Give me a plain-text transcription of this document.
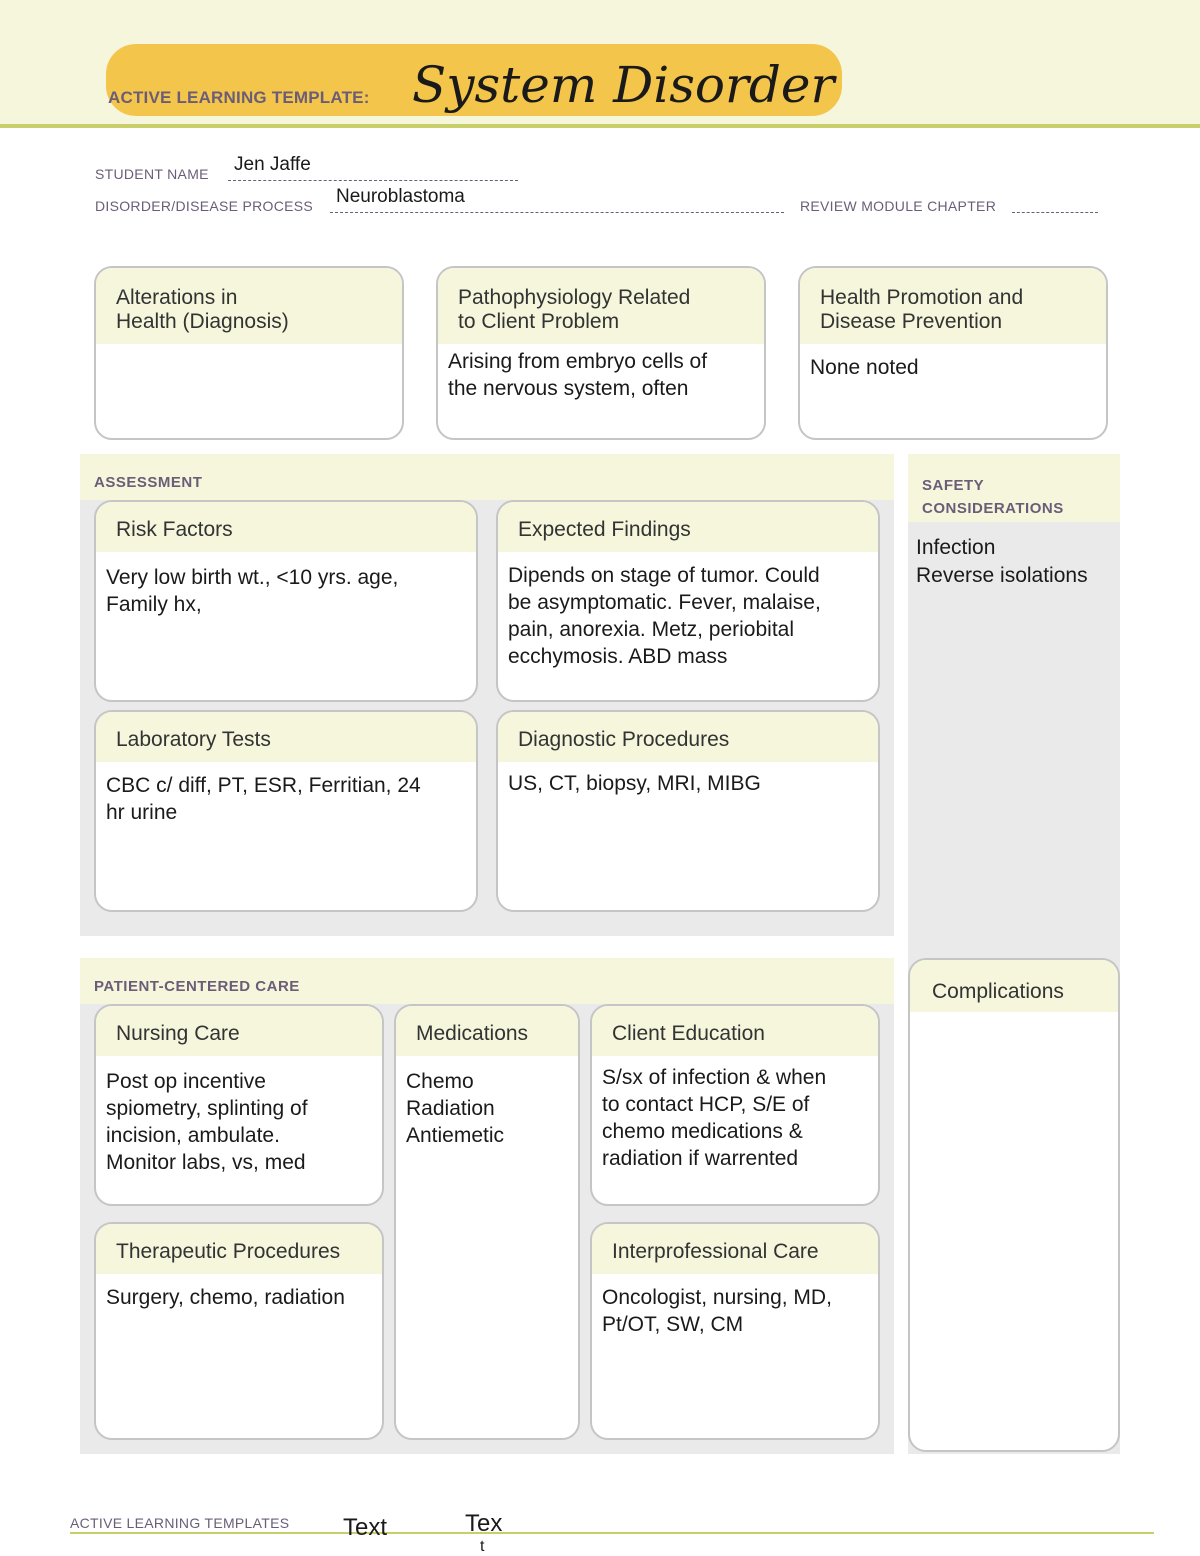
ACTIVE LEARNING TEMPLATE: System Disorder
STUDENT NAME Jen Jaffe
DISORDER/DISEASE PROCESS Neuroblastoma	REVIEW MODULE CHAPTER
Alterations in
Health (Diagnosis)
Pathophysiology Related
to Client Problem
Arising from embryo cells of
the nervous system, often
Health Promotion and
Disease Prevention
None noted
ASSESSMENT
Risk Factors
Very low birth wt., <10 yrs. age,
Family hx,
Expected Findings
Dipends on stage of tumor. Could
be asymptomatic. Fever, malaise,
pain, anorexia. Metz, periobital
ecchymosis. ABD mass
Laboratory Tests
CBC c/ diff, PT, ESR, Ferritian, 24
hr urine
Diagnostic Procedures
US, CT, biopsy, MRI, MIBG
SAFETY
CONSIDERATIONS
Infection
Reverse isolations
Complications
PATIENT-CENTERED CARE
Nursing Care
Post op incentive
spiometry, splinting of
incision, ambulate.
Monitor labs, vs, med
Medications
Chemo
Radiation
Antiemetic
Client Education
S/sx of infection & when
to contact HCP, S/E of
chemo medications &
radiation if warrented
Therapeutic Procedures
Surgery, chemo, radiation
Interprofessional Care
Oncologist, nursing, MD,
Pt/OT, SW, CM
ACTIVE LEARNING TEMPLATES Text	Tex
t
